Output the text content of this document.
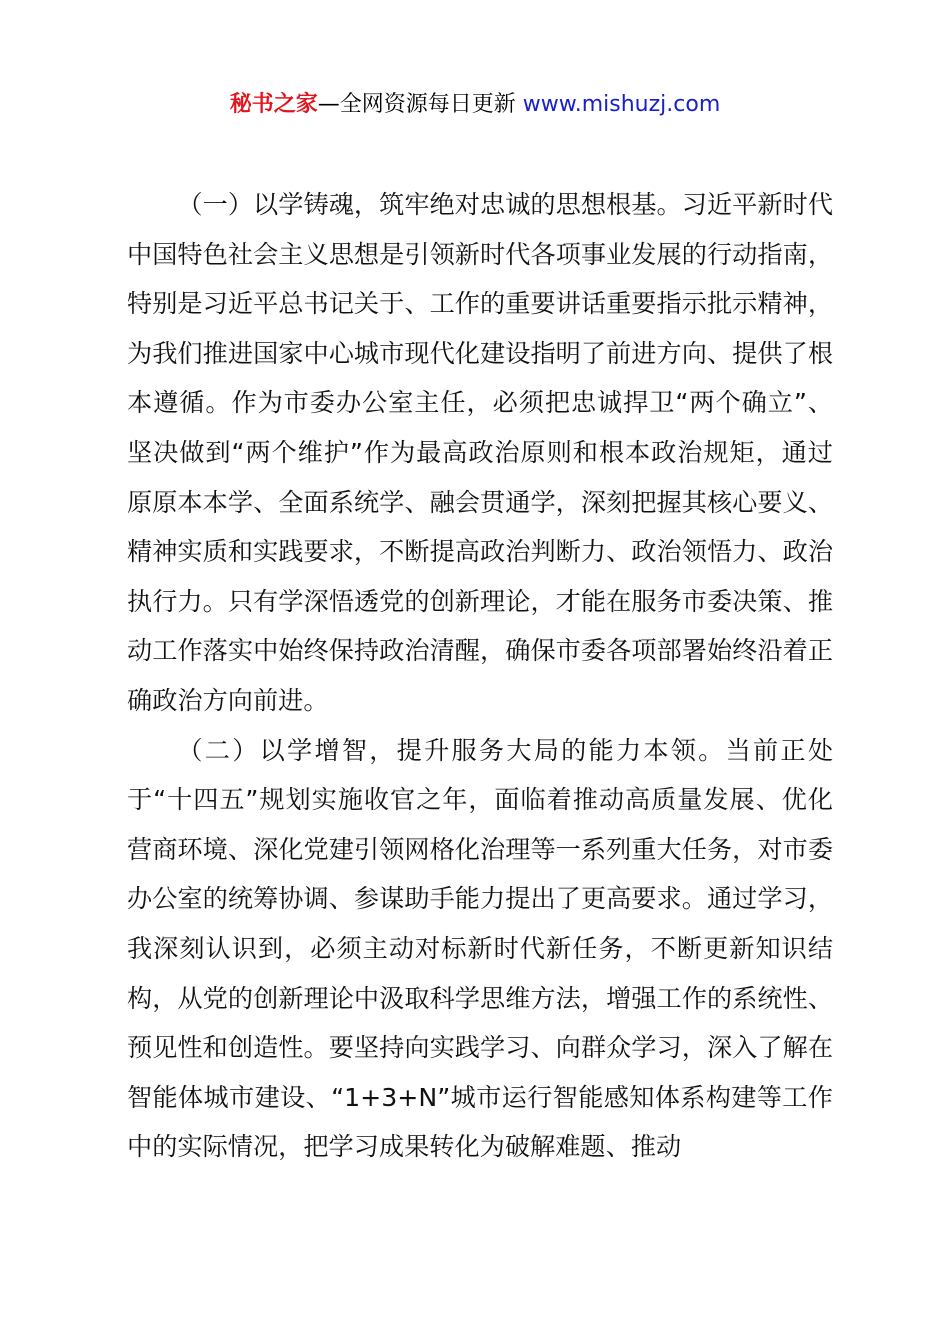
秘书之家—全网资源每日更新 www.mishuzj.com

（一）以学铸魂，筑牢绝对忠诚的思想根基。习近平新时代中国特色社会主义思想是引领新时代各项事业发展的行动指南，特别是习近平总书记关于、工作的重要讲话重要指示批示精神，为我们推进国家中心城市现代化建设指明了前进方向、提供了根本遵循。作为市委办公室主任，必须把忠诚捍卫“两个确立”、坚决做到“两个维护”作为最高政治原则和根本政治规矩，通过原原本本学、全面系统学、融会贯通学，深刻把握其核心要义、精神实质和实践要求，不断提高政治判断力、政治领悟力、政治执行力。只有学深悟透党的创新理论，才能在服务市委决策、推动工作落实中始终保持政治清醒，确保市委各项部署始终沿着正确政治方向前进。

（二）以学增智，提升服务大局的能力本领。当前正处于“十四五”规划实施收官之年，面临着推动高质量发展、优化营商环境、深化党建引领网格化治理等一系列重大任务，对市委办公室的统筹协调、参谋助手能力提出了更高要求。通过学习，我深刻认识到，必须主动对标新时代新任务，不断更新知识结构，从党的创新理论中汲取科学思维方法，增强工作的系统性、预见性和创造性。要坚持向实践学习、向群众学习，深入了解在智能体城市建设、“1+3+N”城市运行智能感知体系构建等工作中的实际情况，把学习成果转化为破解难题、推动
